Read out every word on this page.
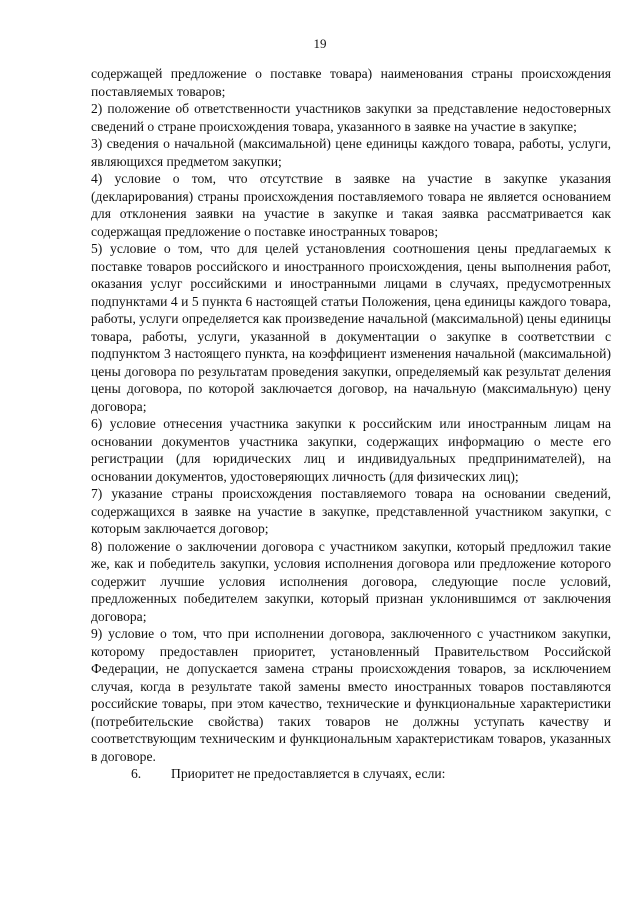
19

содержащей предложение о поставке товара) наименования страны происхождения поставляемых товаров;

2) положение об ответственности участников закупки за представление недостоверных сведений о стране происхождения товара, указанного в заявке на участие в закупке;

3) сведения о начальной (максимальной) цене единицы каждого товара, работы, услуги, являющихся предметом закупки;

4) условие о том, что отсутствие в заявке на участие в закупке указания (декларирования) страны происхождения поставляемого товара не является основанием для отклонения заявки на участие в закупке и такая заявка рассматривается как содержащая предложение о поставке иностранных товаров;

5) условие о том, что для целей установления соотношения цены предлагаемых к поставке товаров российского и иностранного происхождения, цены выполнения работ, оказания услуг российскими и иностранными лицами в случаях, предусмотренных подпунктами 4 и 5 пункта 6 настоящей статьи Положения, цена единицы каждого товара, работы, услуги определяется как произведение начальной (максимальной) цены единицы товара, работы, услуги, указанной в документации о закупке в соответствии с подпунктом 3 настоящего пункта, на коэффициент изменения начальной (максимальной) цены договора по результатам проведения закупки, определяемый как результат деления цены договора, по которой заключается договор, на начальную (максимальную) цену договора;

6) условие отнесения участника закупки к российским или иностранным лицам на основании документов участника закупки, содержащих информацию о месте его регистрации (для юридических лиц и индивидуальных предпринимателей), на основании документов, удостоверяющих личность (для физических лиц);

7) указание страны происхождения поставляемого товара на основании сведений, содержащихся в заявке на участие в закупке, представленной участником закупки, с которым заключается договор;

8) положение о заключении договора с участником закупки, который предложил такие же, как и победитель закупки, условия исполнения договора или предложение которого содержит лучшие условия исполнения договора, следующие после условий, предложенных победителем закупки, который признан уклонившимся от заключения договора;

9) условие о том, что при исполнении договора, заключенного с участником закупки, которому предоставлен приоритет, установленный Правительством Российской Федерации, не допускается замена страны происхождения товаров, за исключением случая, когда в результате такой замены вместо иностранных товаров поставляются российские товары, при этом качество, технические и функциональные характеристики (потребительские свойства) таких товаров не должны уступать качеству и соответствующим техническим и функциональным характеристикам товаров, указанных в договоре.

6. Приоритет не предоставляется в случаях, если:
